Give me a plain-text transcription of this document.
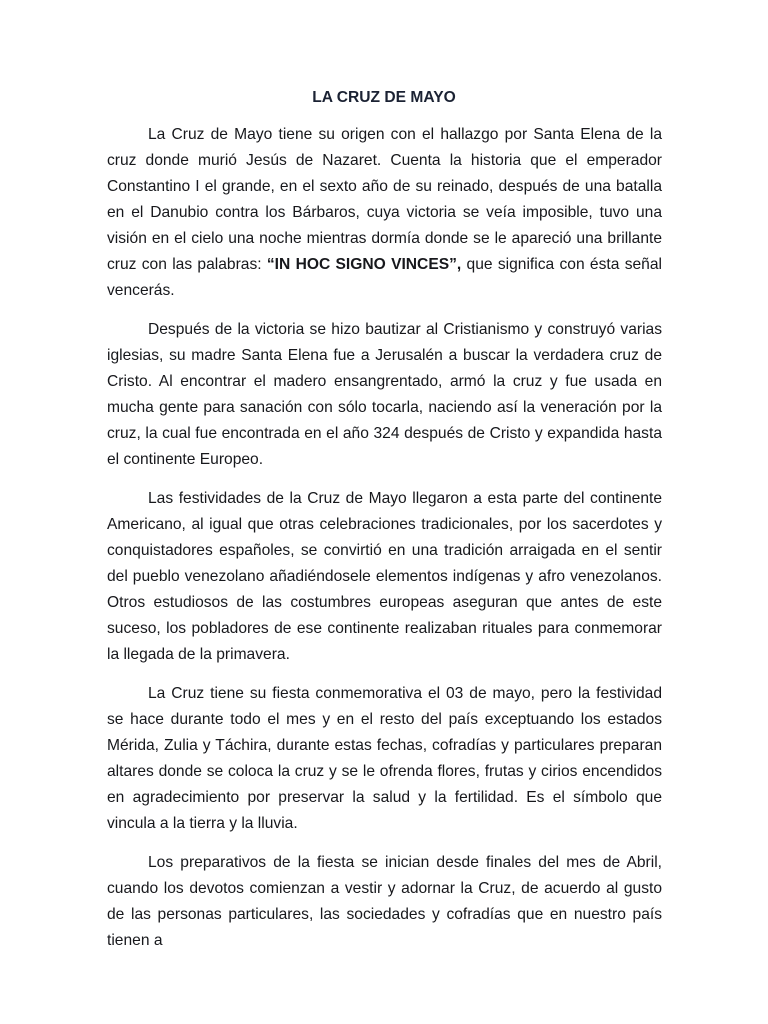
LA CRUZ DE MAYO

La Cruz de Mayo tiene su origen con el hallazgo por Santa Elena de la cruz donde murió Jesús de Nazaret. Cuenta la historia que el emperador Constantino I el grande, en el sexto año de su reinado, después de una batalla en el Danubio contra los Bárbaros, cuya victoria se veía imposible, tuvo una visión en el cielo una noche mientras dormía donde se le apareció una brillante cruz con las palabras: “IN HOC SIGNO VINCES”, que significa con ésta señal vencerás.

Después de la victoria se hizo bautizar al Cristianismo y construyó varias iglesias, su madre Santa Elena fue a Jerusalén a buscar la verdadera cruz de Cristo. Al encontrar el madero ensangrentado, armó la cruz y fue usada en mucha gente para sanación con sólo tocarla, naciendo así la veneración por la cruz, la cual fue encontrada en el año 324 después de Cristo y expandida hasta el continente Europeo.

Las festividades de la Cruz de Mayo llegaron a esta parte del continente Americano, al igual que otras celebraciones tradicionales, por los sacerdotes y conquistadores españoles, se convirtió en una tradición arraigada en el sentir del pueblo venezolano añadiéndosele elementos indígenas y afro venezolanos. Otros estudiosos de las costumbres europeas aseguran que antes de este suceso, los pobladores de ese continente realizaban rituales para conmemorar la llegada de la primavera.

La Cruz tiene su fiesta conmemorativa el 03 de mayo, pero la festividad se hace durante todo el mes y en el resto del país exceptuando los estados Mérida, Zulia y Táchira, durante estas fechas, cofradías y particulares preparan altares donde se coloca la cruz y se le ofrenda flores, frutas y cirios encendidos en agradecimiento por preservar la salud y la fertilidad. Es el símbolo que vincula a la tierra y la lluvia.

Los preparativos de la fiesta se inician desde finales del mes de Abril, cuando los devotos comienzan a vestir y adornar la Cruz, de acuerdo al gusto de las personas particulares, las sociedades y cofradías que en nuestro país tienen a
